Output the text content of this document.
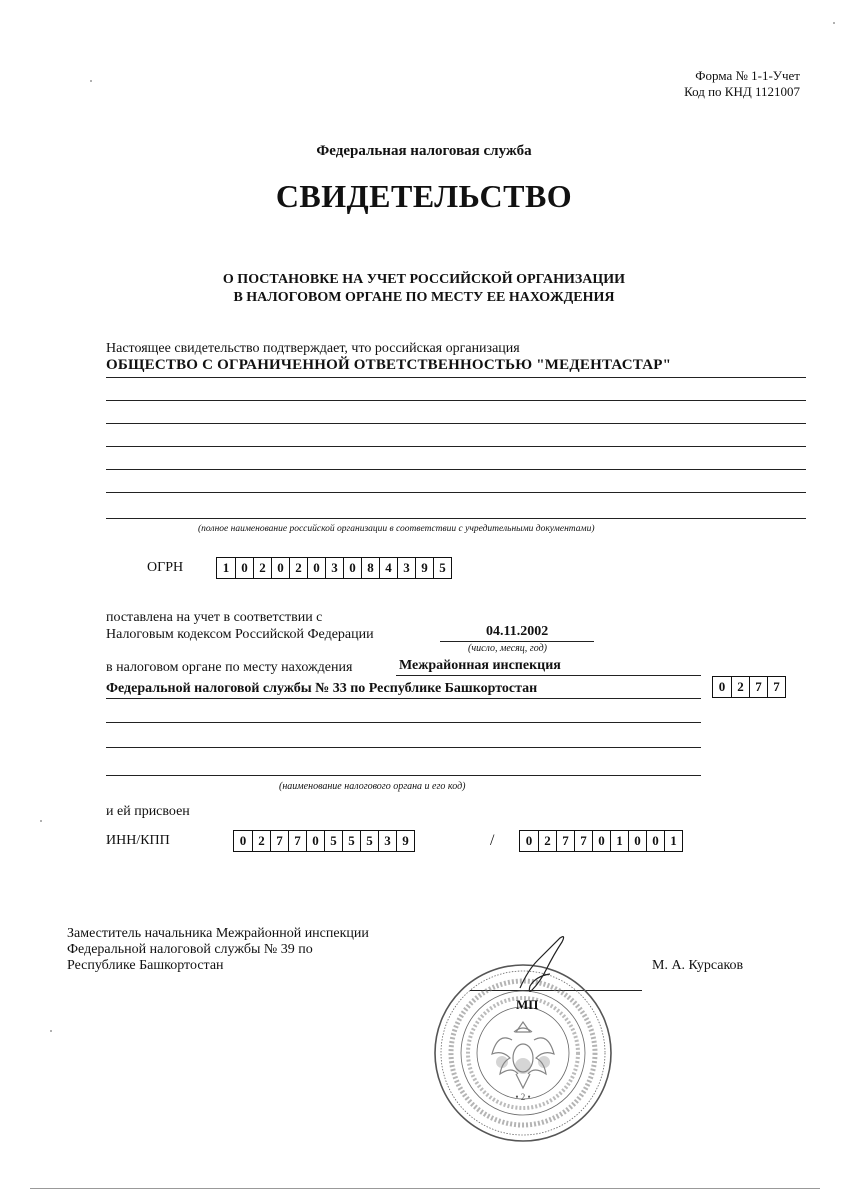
Форма № 1-1-Учет
Код по КНД 1121007
Федеральная налоговая служба
СВИДЕТЕЛЬСТВО
О ПОСТАНОВКЕ НА УЧЕТ РОССИЙСКОЙ ОРГАНИЗАЦИИ
В НАЛОГОВОМ ОРГАНЕ ПО МЕСТУ ЕЕ НАХОЖДЕНИЯ
Настоящее свидетельство подтверждает, что российская организация
ОБЩЕСТВО С ОГРАНИЧЕННОЙ ОТВЕТСТВЕННОСТЬЮ "МЕДЕНТАСТАР"
(полное наименование российской организации в соответствии с учредительными документами)
ОГРН	1 0 2 0 2 0 3 0 8 4 3 9 5
поставлена на учет в соответствии с
Налоговым кодексом Российской Федерации	04.11.2002
(число, месяц, год)
в налоговом органе по месту нахождения	Межрайонная инспекция
Федеральной налоговой службы № 33 по Республике Башкортостан	0 2 7 7
(наименование налогового органа и его код)
и ей присвоен
ИНН/КПП	0 2 7 7 0 5 5 5 3 9	/	0 2 7 7 0 1 0 0 1
Заместитель начальника Межрайонной инспекции
Федеральной налоговой службы № 39 по
Республике Башкортостан	М. А. Курсаков
• 2 •
МП
